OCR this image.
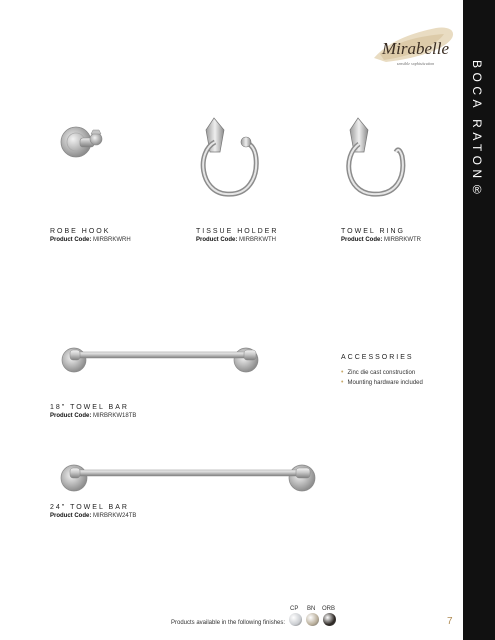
BOCA RATON®
Mirabelle
sensible sophistication
ROBE HOOK
Product Code: MIRBRKWRH
TISSUE HOLDER
Product Code: MIRBRKWTH
TOWEL RING
Product Code: MIRBRKWTR
18" TOWEL BAR
Product Code: MIRBRKW18TB
ACCESSORIES
• Zinc die cast construction
• Mounting hardware included
24" TOWEL BAR
Product Code: MIRBRKW24TB
Products available in the following finishes:
CP BN ORB
7
